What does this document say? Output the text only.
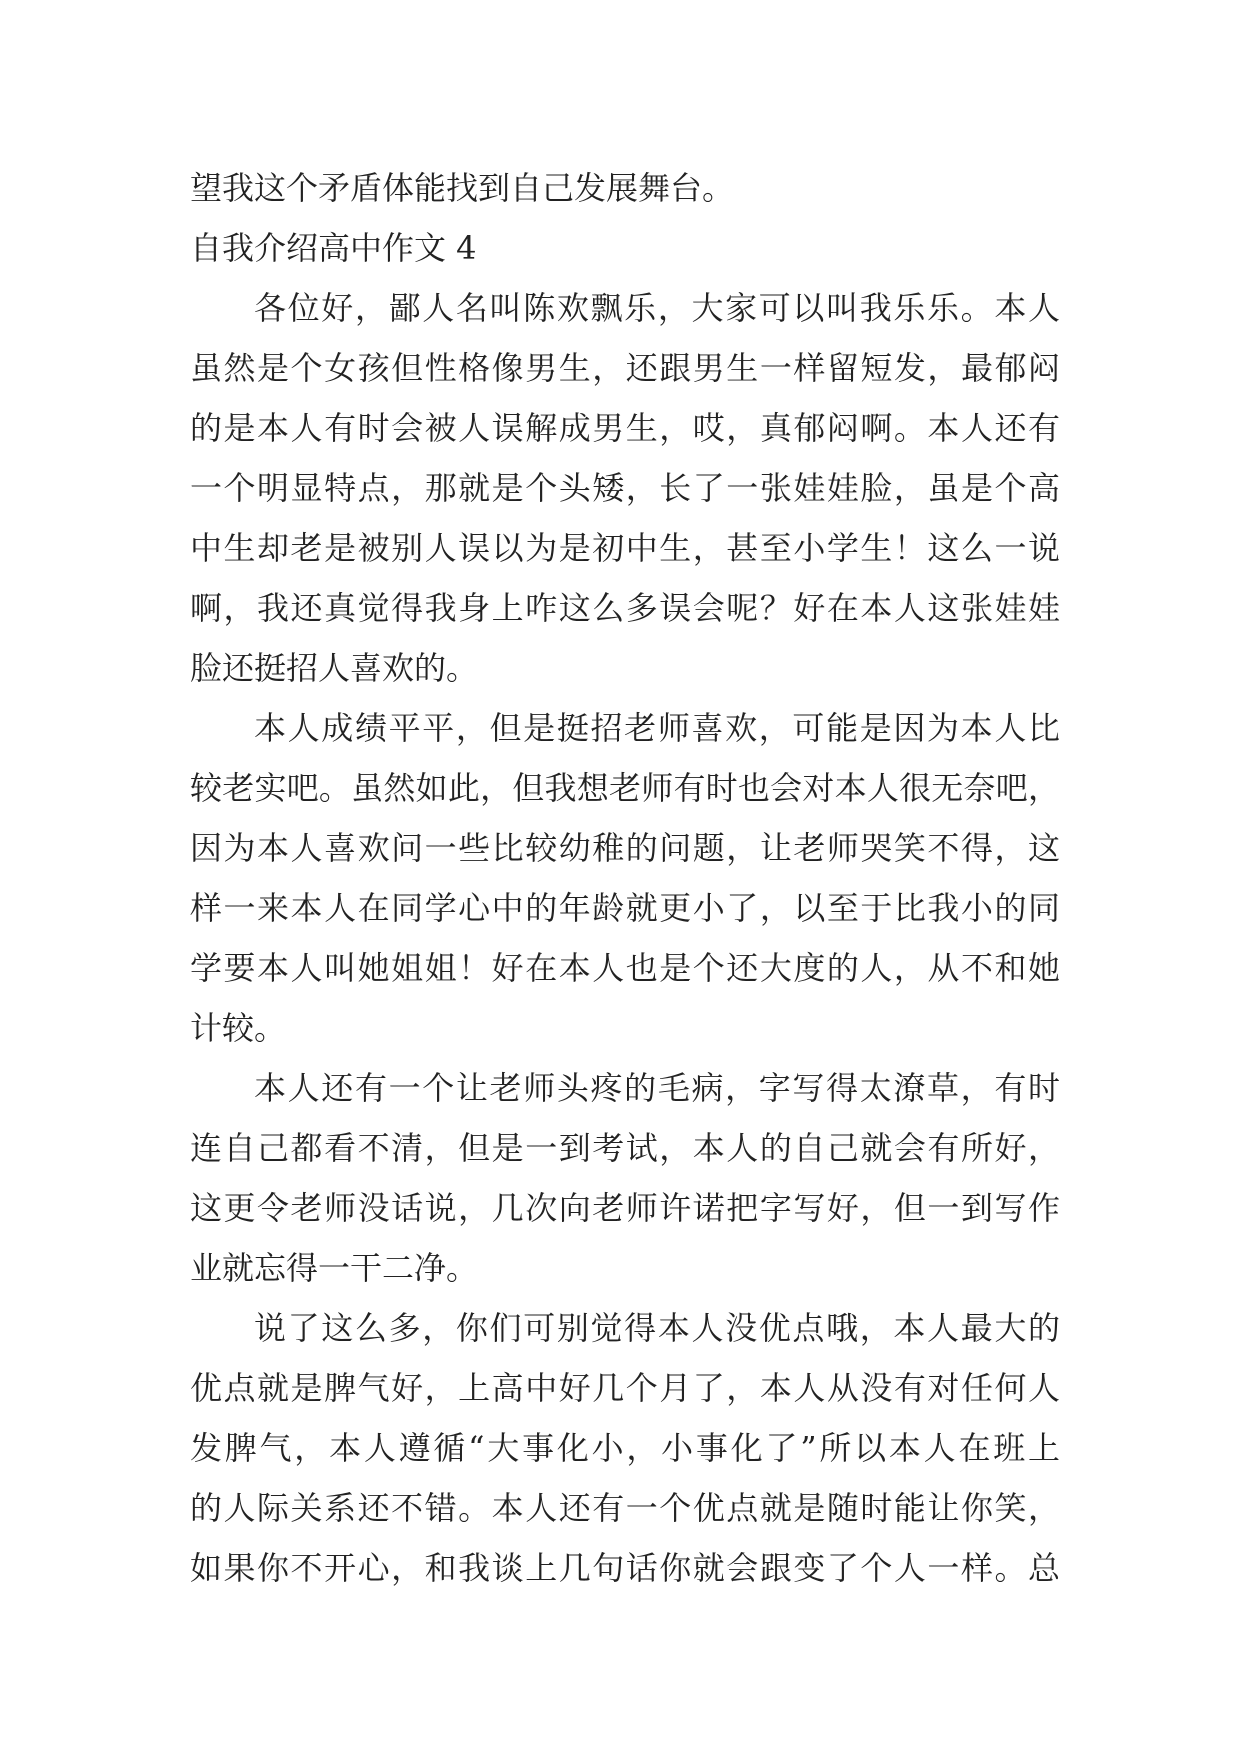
望我这个矛盾体能找到自己发展舞台。
自我介绍高中作文 4
各位好，鄙人名叫陈欢飘乐，大家可以叫我乐乐。本人
虽然是个女孩但性格像男生，还跟男生一样留短发，最郁闷
的是本人有时会被人误解成男生，哎，真郁闷啊。本人还有
一个明显特点，那就是个头矮，长了一张娃娃脸，虽是个高
中生却老是被别人误以为是初中生，甚至小学生！这么一说
啊，我还真觉得我身上咋这么多误会呢？好在本人这张娃娃
脸还挺招人喜欢的。
本人成绩平平，但是挺招老师喜欢，可能是因为本人比
较老实吧。虽然如此，但我想老师有时也会对本人很无奈吧，
因为本人喜欢问一些比较幼稚的问题，让老师哭笑不得，这
样一来本人在同学心中的年龄就更小了，以至于比我小的同
学要本人叫她姐姐！好在本人也是个还大度的人，从不和她
计较。
本人还有一个让老师头疼的毛病，字写得太潦草，有时
连自己都看不清，但是一到考试，本人的自己就会有所好，
这更令老师没话说，几次向老师许诺把字写好，但一到写作
业就忘得一干二净。
说了这么多，你们可别觉得本人没优点哦，本人最大的
优点就是脾气好，上高中好几个月了，本人从没有对任何人
发脾气，本人遵循“大事化小，小事化了”所以本人在班上
的人际关系还不错。本人还有一个优点就是随时能让你笑，
如果你不开心，和我谈上几句话你就会跟变了个人一样。总
